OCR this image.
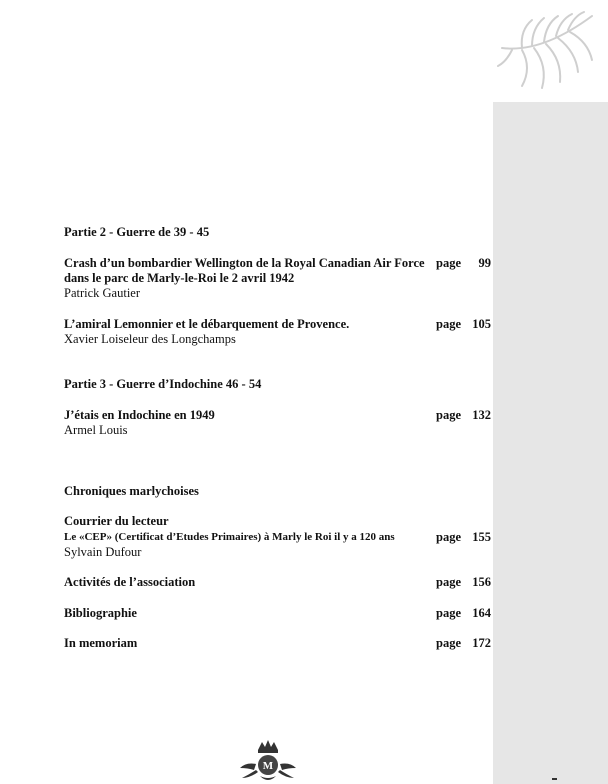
Partie 2 - Guerre de 39 - 45
Crash d’un bombardier Wellington de la Royal Canadian Air Force page 99
dans le parc de Marly-le-Roi le 2 avril 1942
Patrick Gautier
L’amiral Lemonnier et le débarquement de Provence.	page 105
Xavier Loiseleur des Longchamps
Partie 3 - Guerre d’Indochine 46 - 54
J’étais en Indochine en 1949	page 132
Armel Louis
Chroniques marlychoises
Courrier du lecteur
Le «CEP» (Certificat d’Etudes Primaires) à Marly le Roi il y a 120 ans	page 155
Sylvain Dufour
Activités de l’association	page 156
Bibliographie	page 164
In memoriam	page 172
M
